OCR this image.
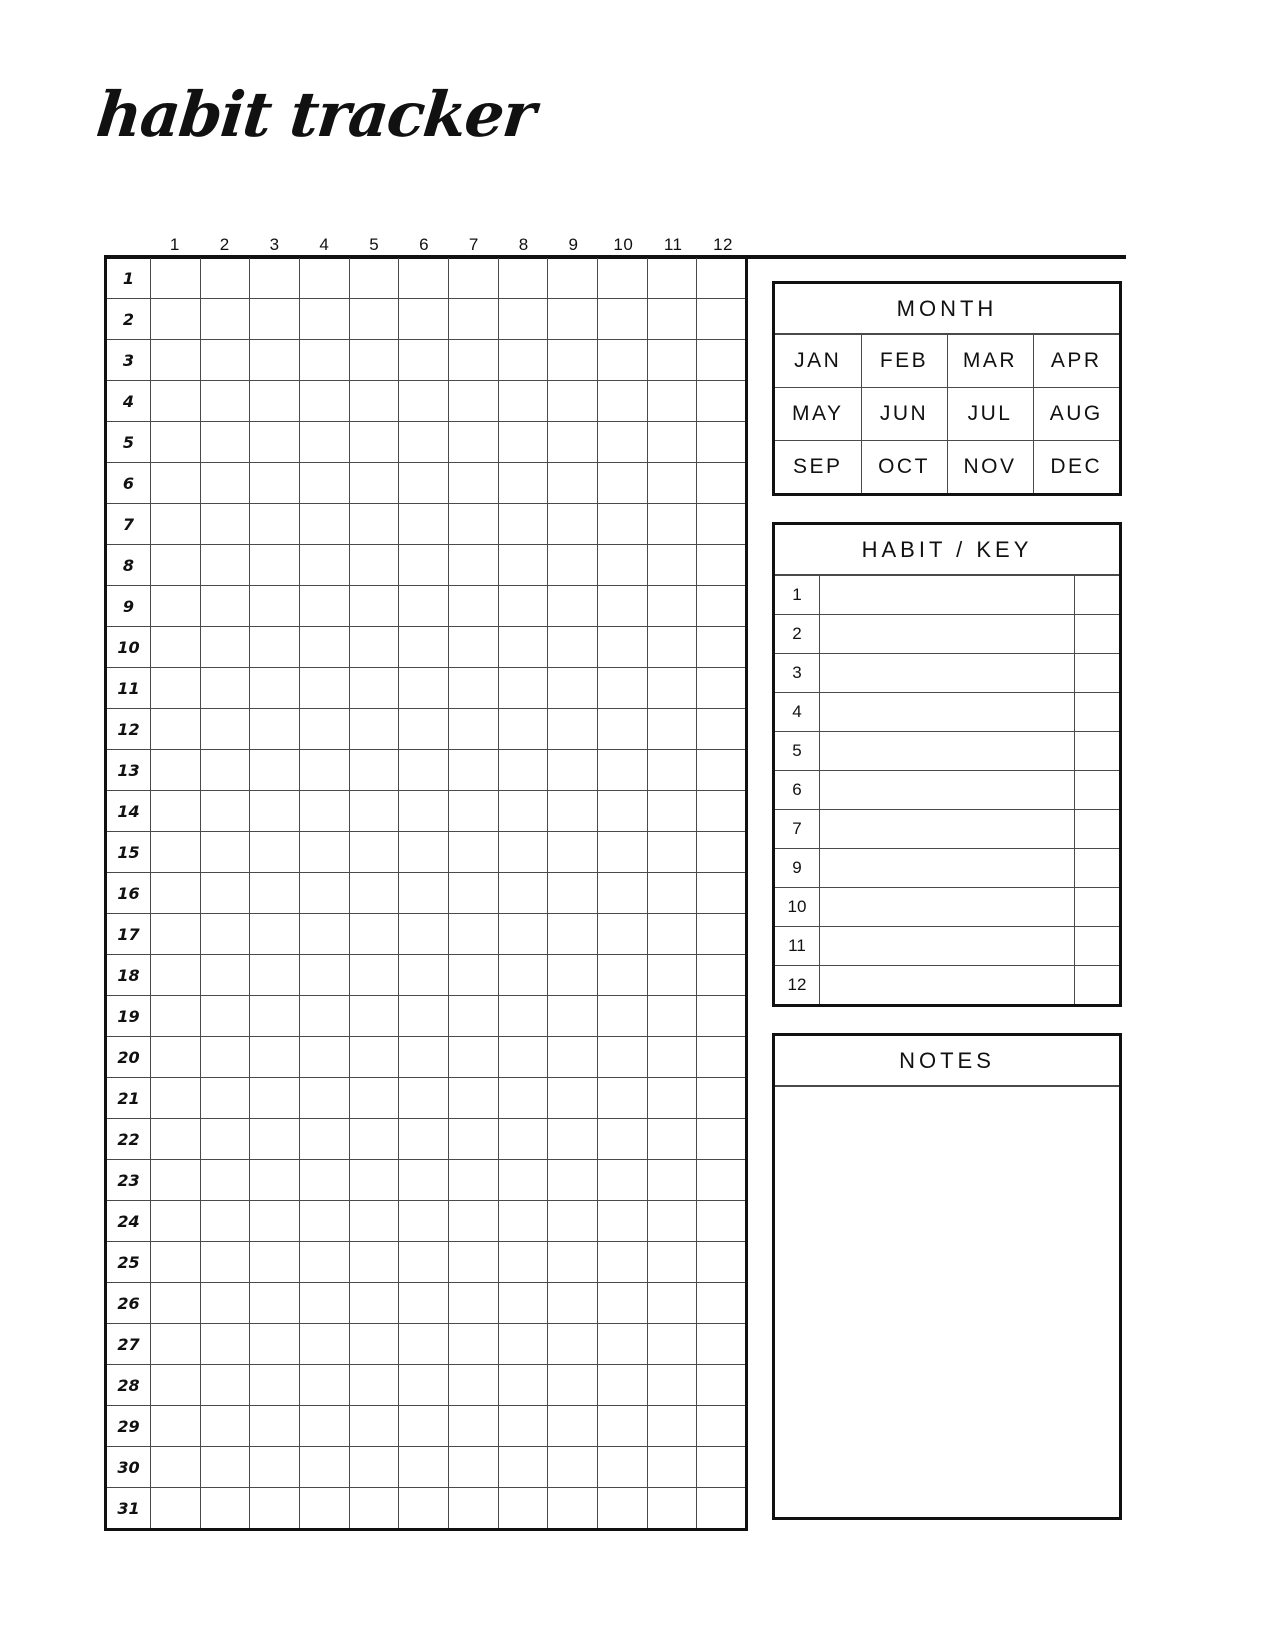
habit tracker
1	2	3	4	5	6	7	8	9	10	11	12
1												
2												
3												
4												
5												
6												
7												
8												
9												
10												
11												
12												
13												
14												
15												
16												
17												
18												
19												
20												
21												
22												
23												
24												
25												
26												
27												
28												
29												
30												
31												
MONTH
JAN	FEB	MAR	APR
MAY	JUN	JUL	AUG
SEP	OCT	NOV	DEC
HABIT / KEY
1		
2		
3		
4		
5		
6		
7		
9		
10		
11		
12		
NOTES
